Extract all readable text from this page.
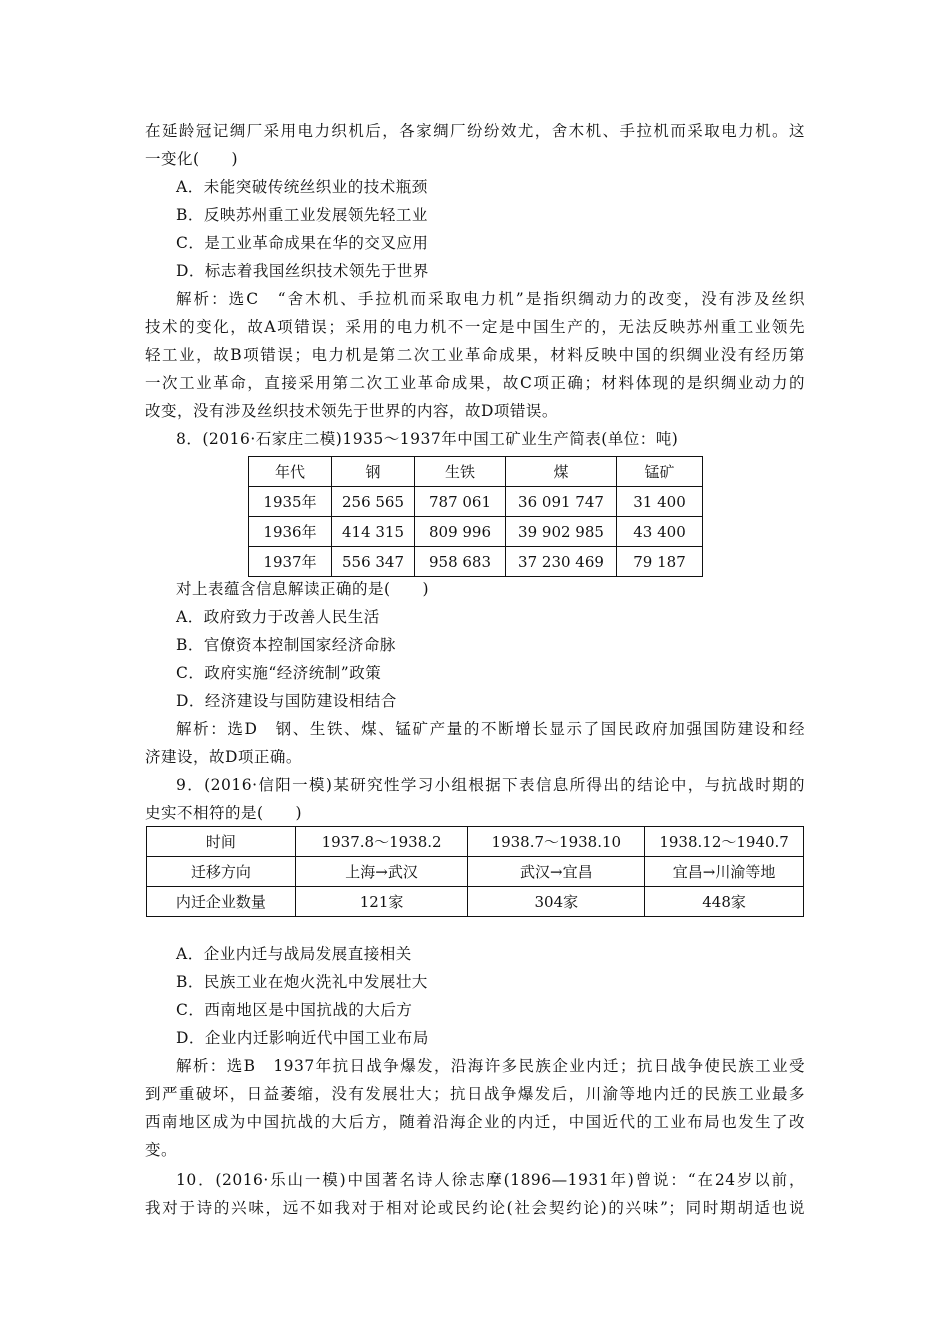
在延龄冠记绸厂采用电力织机后，各家绸厂纷纷效尤，舍木机、手拉机而采取电力机。这
一变化(　　)
A．未能突破传统丝织业的技术瓶颈
B．反映苏州重工业发展领先轻工业
C．是工业革命成果在华的交叉应用
D．标志着我国丝织技术领先于世界
解析：选C　“舍木机、手拉机而采取电力机”是指织绸动力的改变，没有涉及丝织
技术的变化，故A项错误；采用的电力机不一定是中国生产的，无法反映苏州重工业领先
轻工业，故B项错误；电力机是第二次工业革命成果，材料反映中国的织绸业没有经历第
一次工业革命，直接采用第二次工业革命成果，故C项正确；材料体现的是织绸业动力的
改变，没有涉及丝织技术领先于世界的内容，故D项错误。
8．(2016·石家庄二模)1935～1937年中国工矿业生产简表(单位：吨)
年代	钢	生铁	煤	锰矿
1935年	256 565	787 061	36 091 747	31 400
1936年	414 315	809 996	39 902 985	43 400
1937年	556 347	958 683	37 230 469	79 187
对上表蕴含信息解读正确的是(　　)
A．政府致力于改善人民生活
B．官僚资本控制国家经济命脉
C．政府实施“经济统制”政策
D．经济建设与国防建设相结合
解析：选D　钢、生铁、煤、锰矿产量的不断增长显示了国民政府加强国防建设和经
济建设，故D项正确。
9．(2016·信阳一模)某研究性学习小组根据下表信息所得出的结论中，与抗战时期的
史实不相符的是(　　)
时间	1937.8～1938.2	1938.7～1938.10	1938.12～1940.7
迁移方向	上海→武汉	武汉→宜昌	宜昌→川渝等地
内迁企业数量	121家	304家	448家
A．企业内迁与战局发展直接相关
B．民族工业在炮火洗礼中发展壮大
C．西南地区是中国抗战的大后方
D．企业内迁影响近代中国工业布局
解析：选B　1937年抗日战争爆发，沿海许多民族企业内迁；抗日战争使民族工业受
到严重破坏，日益萎缩，没有发展壮大；抗日战争爆发后，川渝等地内迁的民族工业最多
西南地区成为中国抗战的大后方，随着沿海企业的内迁，中国近代的工业布局也发生了改
变。
10．(2016·乐山一模)中国著名诗人徐志摩(1896—1931年)曾说：“在24岁以前，
我对于诗的兴味，远不如我对于相对论或民约论(社会契约论)的兴味”；同时期胡适也说
